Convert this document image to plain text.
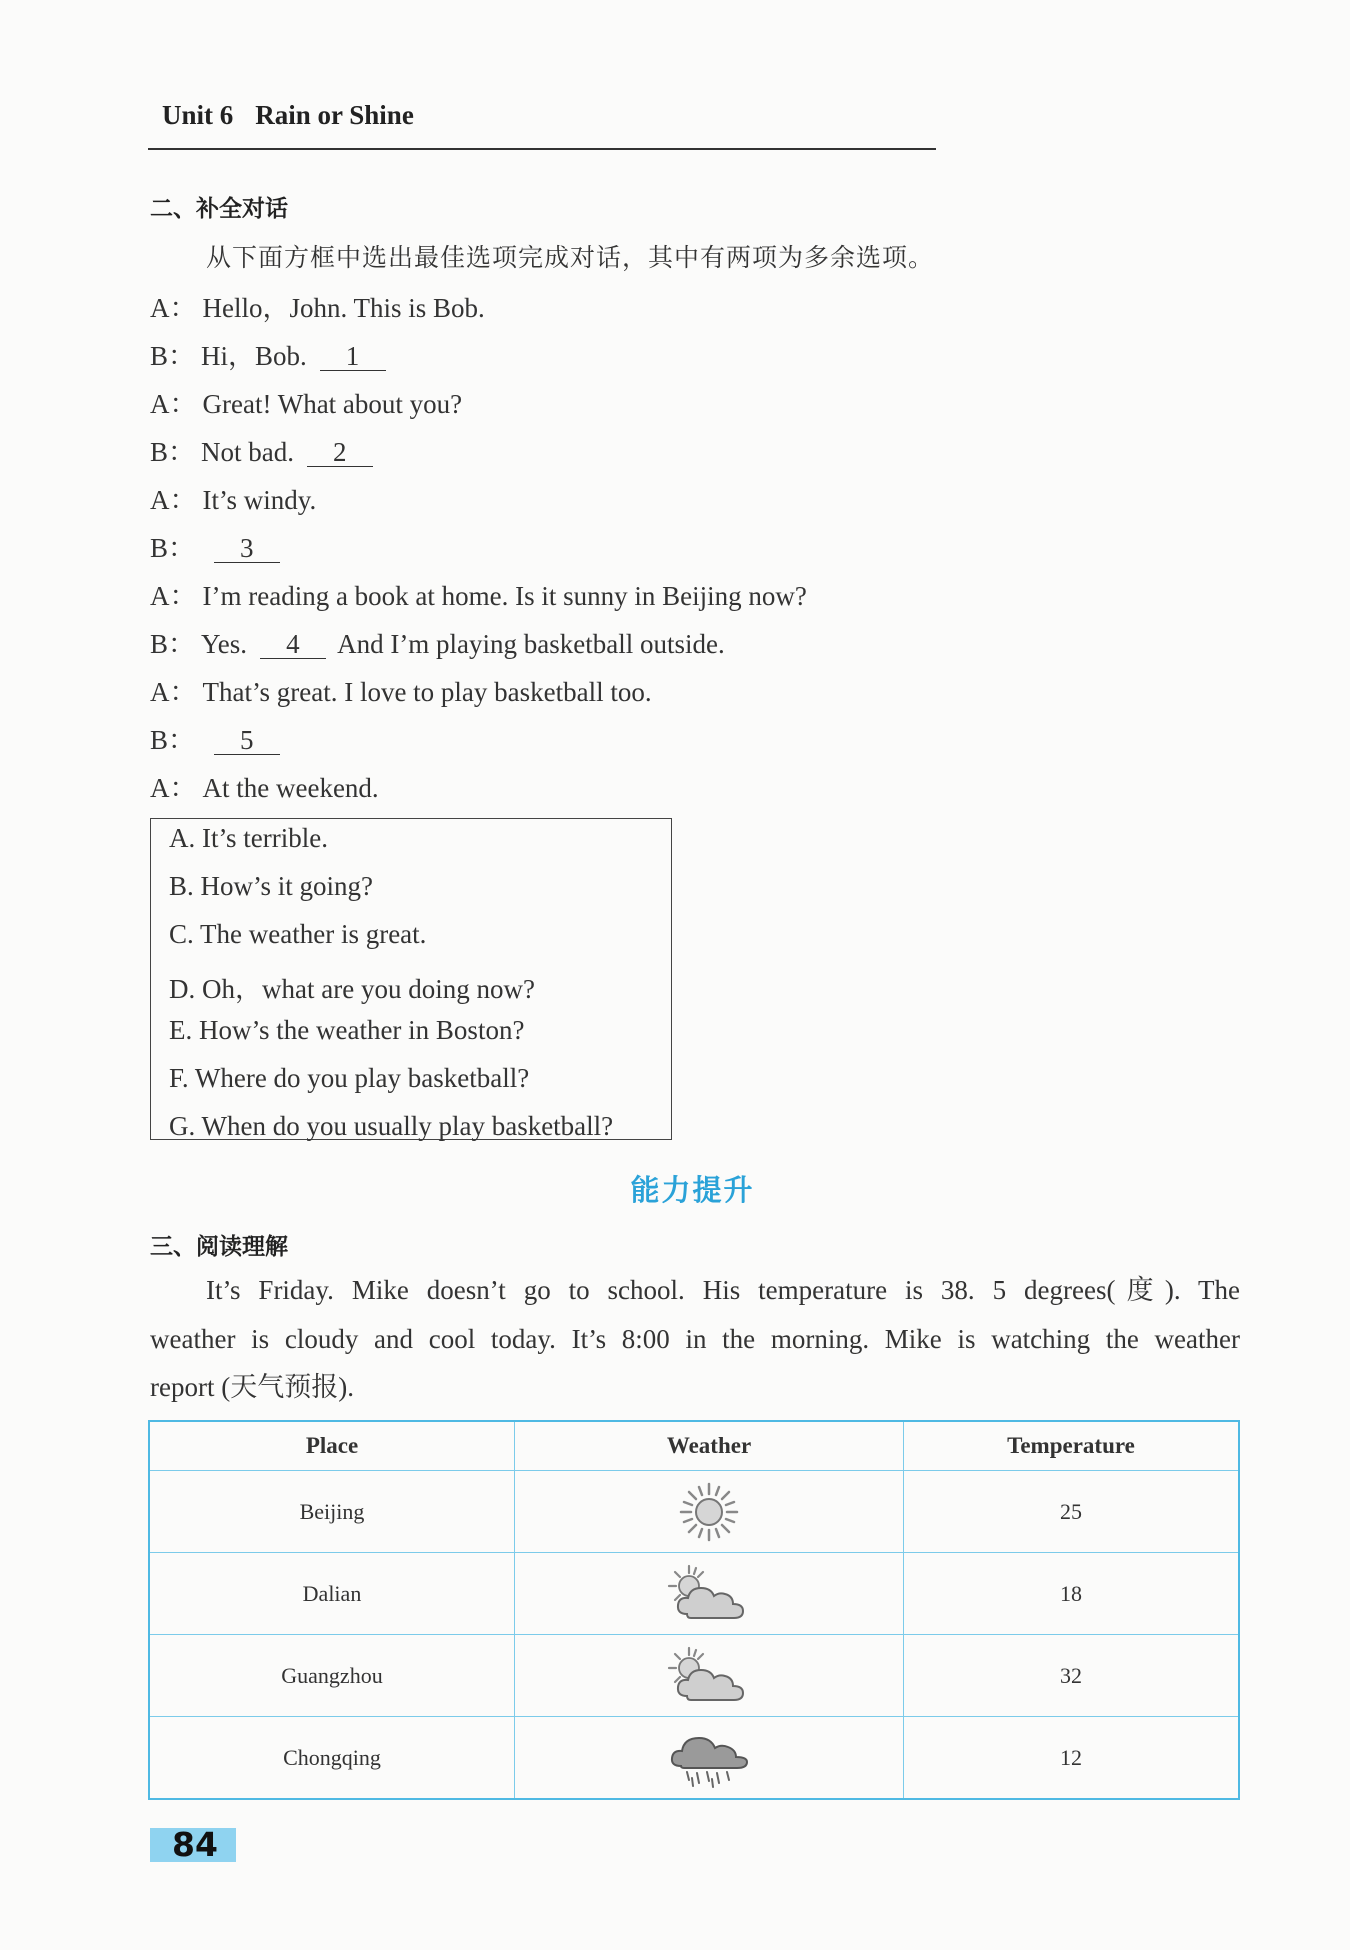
Unit 6 Rain or Shine
二、补全对话
从下面方框中选出最佳选项完成对话，其中有两项为多余选项。
A： Hello，John. This is Bob.
B： Hi，Bob. 1
A： Great! What about you?
B： Not bad. 2
A： It’s windy.
B： 3
A： I’m reading a book at home. Is it sunny in Beijing now?
B： Yes. 4 And I’m playing basketball outside.
A： That’s great. I love to play basketball too.
B： 5
A： At the weekend.
A. It’s terrible.
B. How’s it going?
C. The weather is great.
D. Oh，what are you doing now?
E. How’s the weather in Boston?
F. Where do you play basketball?
G. When do you usually play basketball?
能力提升
三、阅读理解
It’s Friday. Mike doesn’t go to school. His temperature is 38. 5 degrees(度). The
weather is cloudy and cool today. It’s 8:00 in the morning. Mike is watching the weather
report (天气预报).
Place	Weather	Temperature
Beijing		25
Dalian		18
Guangzhou		32
Chongqing		12
84
